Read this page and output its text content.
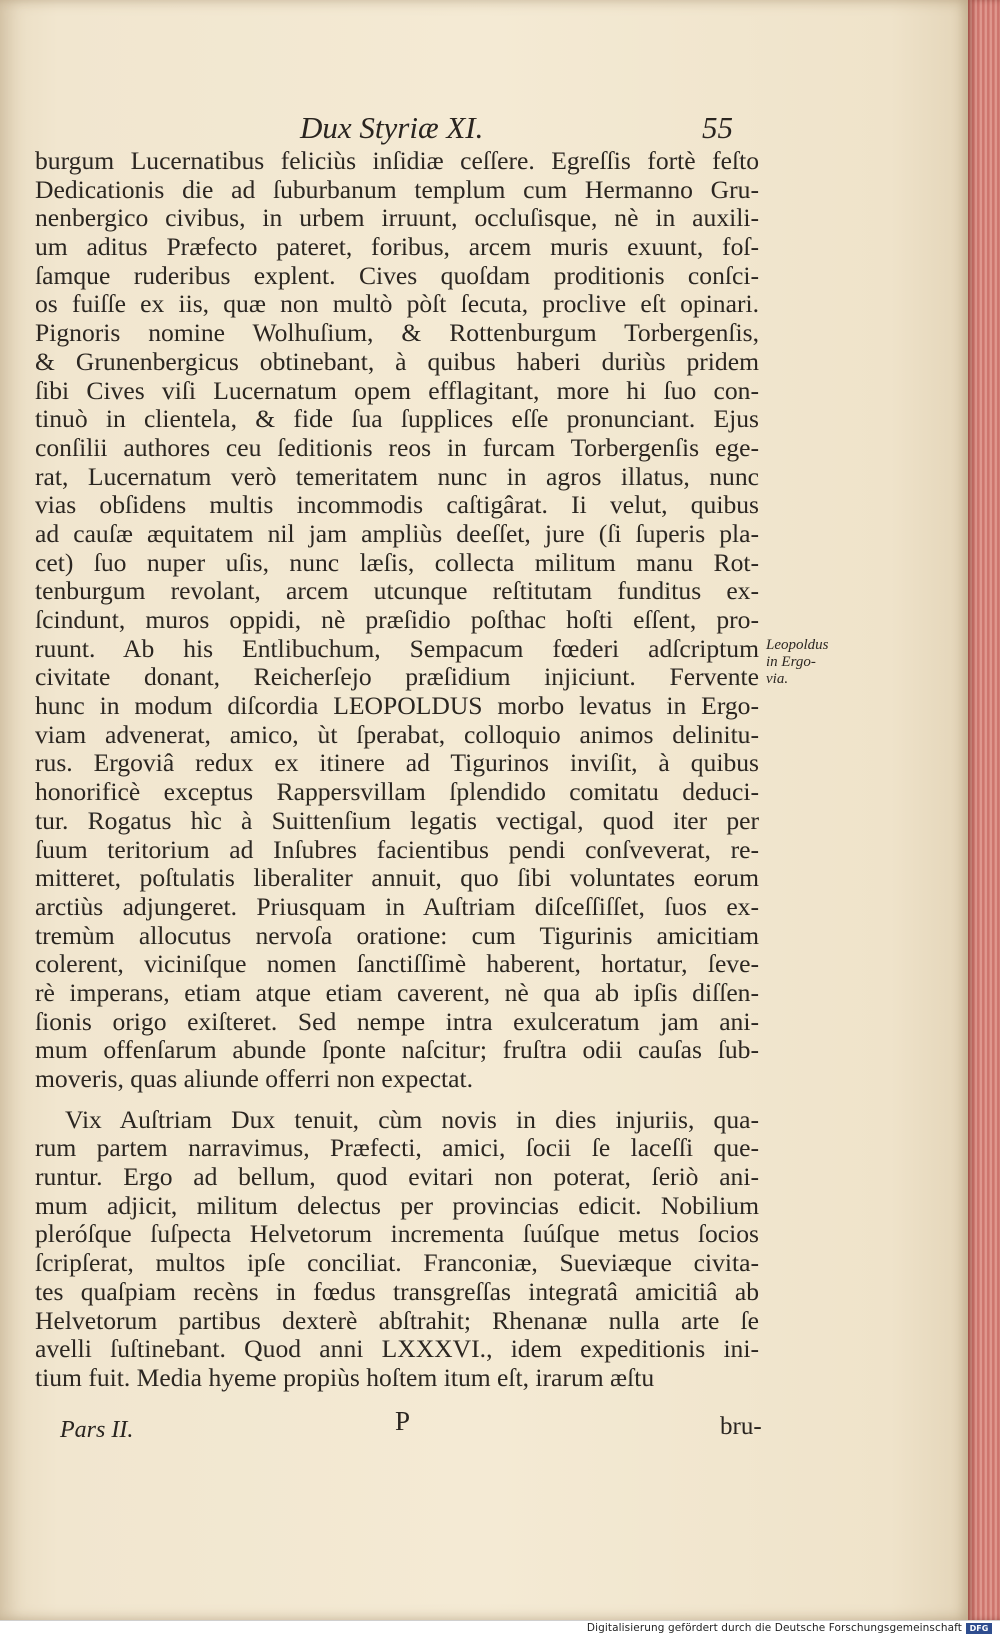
Dux Styriæ XI.	55
burgum Lucernatibus feliciùs inſidiæ ceſſere. Egreſſis fortè feſto
Dedicationis die ad ſuburbanum templum cum Hermanno Gru-
nenbergico civibus, in urbem irruunt, occluſisque, nè in auxili-
um aditus Præfecto pateret, foribus, arcem muris exuunt, foſ-
ſamque ruderibus explent. Cives quoſdam proditionis conſci-
os fuiſſe ex iis, quæ non multò pòſt ſecuta, proclive eſt opinari.
Pignoris nomine Wolhuſium, & Rottenburgum Torbergenſis,
& Grunenbergicus obtinebant, à quibus haberi duriùs pridem
ſibi Cives viſi Lucernatum opem efflagitant, more hi ſuo con-
tinuò in clientela, & fide ſua ſupplices eſſe pronunciant. Ejus
conſilii authores ceu ſeditionis reos in furcam Torbergenſis ege-
rat, Lucernatum verò temeritatem nunc in agros illatus, nunc
vias obſidens multis incommodis caſtigârat. Ii velut, quibus
ad cauſæ æquitatem nil jam ampliùs deeſſet, jure (ſi ſuperis pla-
cet) ſuo nuper uſis, nunc læſis, collecta militum manu Rot-
tenburgum revolant, arcem utcunque reſtitutam funditus ex-
ſcindunt, muros oppidi, nè præſidio poſthac hoſti eſſent, pro-
ruunt. Ab his Entlibuchum, Sempacum fœderi adſcriptum
civitate donant, Reicherſejo præſidium injiciunt. Fervente
hunc in modum diſcordia LEOPOLDUS morbo levatus in Ergo-
viam advenerat, amico, ùt ſperabat, colloquio animos delinitu-
rus. Ergoviâ redux ex itinere ad Tigurinos inviſit, à quibus
honorificè exceptus Rappersvillam ſplendido comitatu deduci-
tur. Rogatus hìc à Suittenſium legatis vectigal, quod iter per
ſuum teritorium ad Inſubres facientibus pendi conſveverat, re-
mitteret, poſtulatis liberaliter annuit, quo ſibi voluntates eorum
arctiùs adjungeret. Priusquam in Auſtriam diſceſſiſſet, ſuos ex-
tremùm allocutus nervoſa oratione: cum Tigurinis amicitiam
colerent, viciniſque nomen ſanctiſſimè haberent, hortatur, ſeve-
rè imperans, etiam atque etiam caverent, nè qua ab ipſis diſſen-
ſionis origo exiſteret. Sed nempe intra exulceratum jam ani-
mum offenſarum abunde ſponte naſcitur; fruſtra odii cauſas ſub-
moveris, quas aliunde offerri non expectat.
Vix Auſtriam Dux tenuit, cùm novis in dies injuriis, qua-
rum partem narravimus, Præfecti, amici, ſocii ſe laceſſi que-
runtur. Ergo ad bellum, quod evitari non poterat, ſeriò ani-
mum adjicit, militum delectus per provincias edicit. Nobilium
pleróſque ſuſpecta Helvetorum incrementa ſuúſque metus ſocios
ſcripſerat, multos ipſe conciliat. Franconiæ, Sueviæque civita-
tes quaſpiam recèns in fœdus transgreſſas integratâ amicitiâ ab
Helvetorum partibus dexterè abſtrahit; Rhenanæ nulla arte ſe
avelli ſuſtinebant. Quod anni LXXXVI., idem expeditionis ini-
tium fuit. Media hyeme propiùs hoſtem itum eſt, irarum æſtu
Leopoldus
in Ergo-
via.
Pars II.	P	bru-
Digitalisierung gefördert durch die Deutsche Forschungsgemeinschaft DFG
